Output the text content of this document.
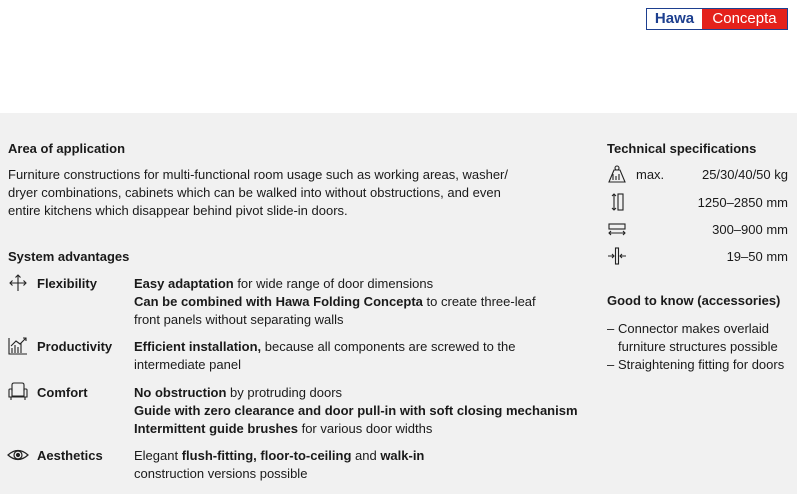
Hawa	Concepta
Area of application
Furniture constructions for multi-functional room usage such as working areas, washer/
dryer combinations, cabinets which can be walked into without obstructions, and even
entire kitchens which disappear behind pivot slide-in doors.
System advantages
Flexibility	Easy adaptation for wide range of door dimensions
Can be combined with Hawa Folding Concepta to create three-leaf
front panels without separating walls
Productivity Efficient installation, because all components are screwed to the
intermediate panel
Comfort	No obstruction by protruding doors
Guide with zero clearance and door pull-in with soft closing mechanism
Intermittent guide brushes for various door widths
Aesthetics Elegant flush-fitting, floor-to-ceiling and walk-in
construction versions possible
Technical specifications
max.	25/30/40/50 kg
1250–2850 mm
300–900 mm
19–50 mm
Good to know (accessories)
– Connector makes overlaid furniture structures possible
– Straightening fitting for doors
